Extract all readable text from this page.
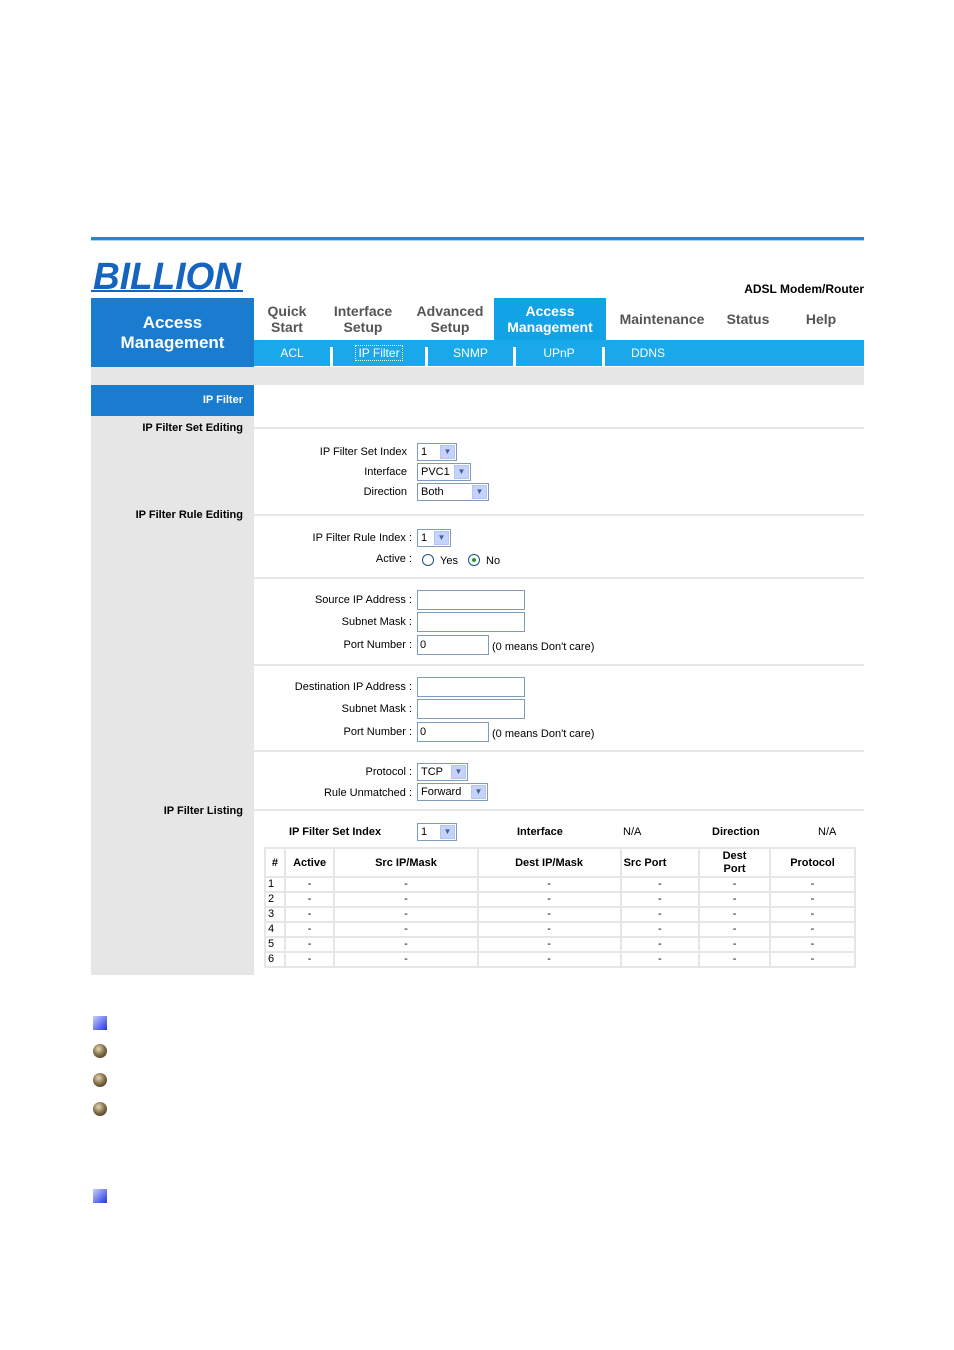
BILLION	ADSL Modem/Router
Access
Management
Quick
Start
Interface
Setup
Advanced
Setup
Access
Management Maintenance Status	Help
ACL	IP Filter	SNMP	UPnP	DDNS
IP Filter
IP Filter Set Editing
IP Filter Rule Editing
IP Filter Listing
IP Filter Set Index	1	▼
Interface	PVC1 ▼
Direction	Both	▼
IP Filter Rule Index : 1	▼
Active :	Yes	No
Source IP Address :
Subnet Mask :
Port Number : 0	(0 means Don't care)
Destination IP Address :
Subnet Mask :
Port Number : 0	(0 means Don't care)
Protocol : TCP	▼
Rule Unmatched : Forward	▼
IP Filter Set Index	1	▼	Interface	N/A	Direction	N/A
#	Active	Src IP/Mask	Dest IP/Mask	Src Port	Dest Port	Protocol
1	-	-	-	-	-	-
2	-	-	-	-	-	-
3	-	-	-	-	-	-
4	-	-	-	-	-	-
5	-	-	-	-	-	-
6	-	-	-	-	-	-
